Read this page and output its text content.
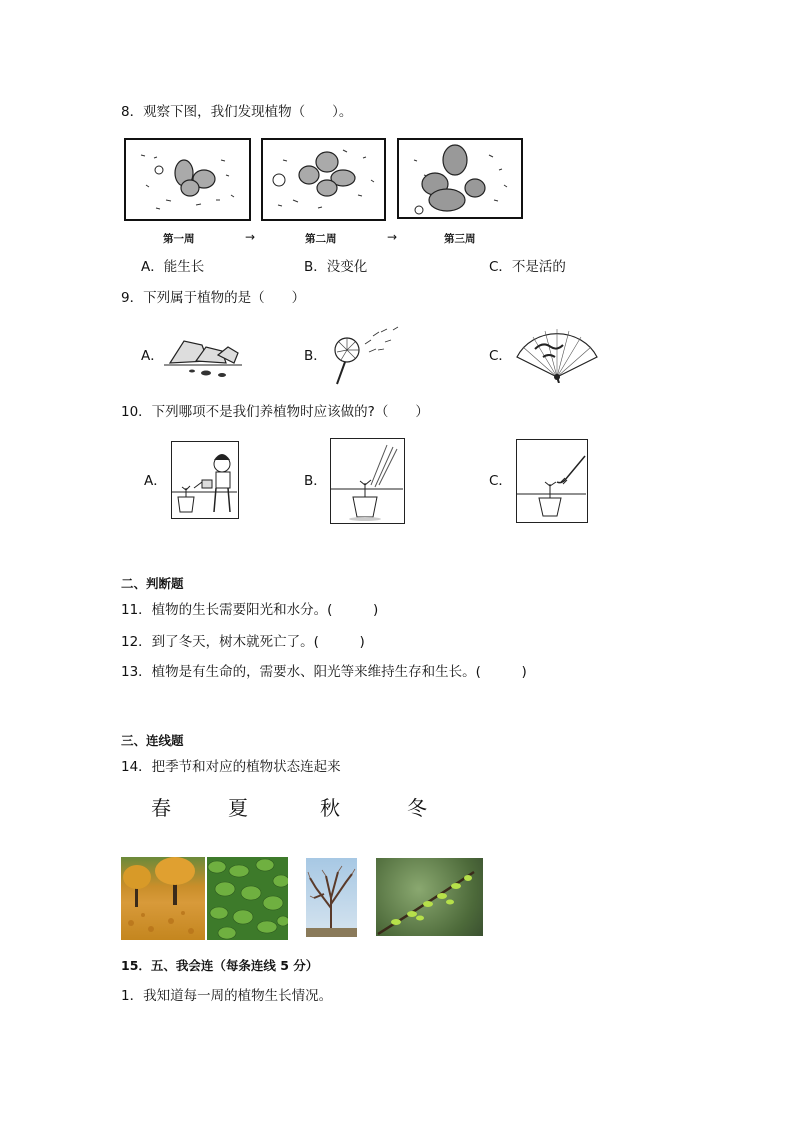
8．观察下图，我们发现植物（　　）。
第一周	→	第二周	→	第三周
A．能生长	B．没变化	C．不是活的
9．下列属于植物的是（　　）
A．	B．	C．
10．下列哪项不是我们养植物时应该做的?（　　）
A．	B．	C．
二、判断题
11．植物的生长需要阳光和水分。(　　　)
12．到了冬天，树木就死亡了。(　　　)
13．植物是有生命的，需要水、阳光等来维持生存和生长。(　　　)
三、连线题
14．把季节和对应的植物状态连起来
春	夏	秋	冬
15．五、我会连（每条连线 5 分）
1．我知道每一周的植物生长情况。
